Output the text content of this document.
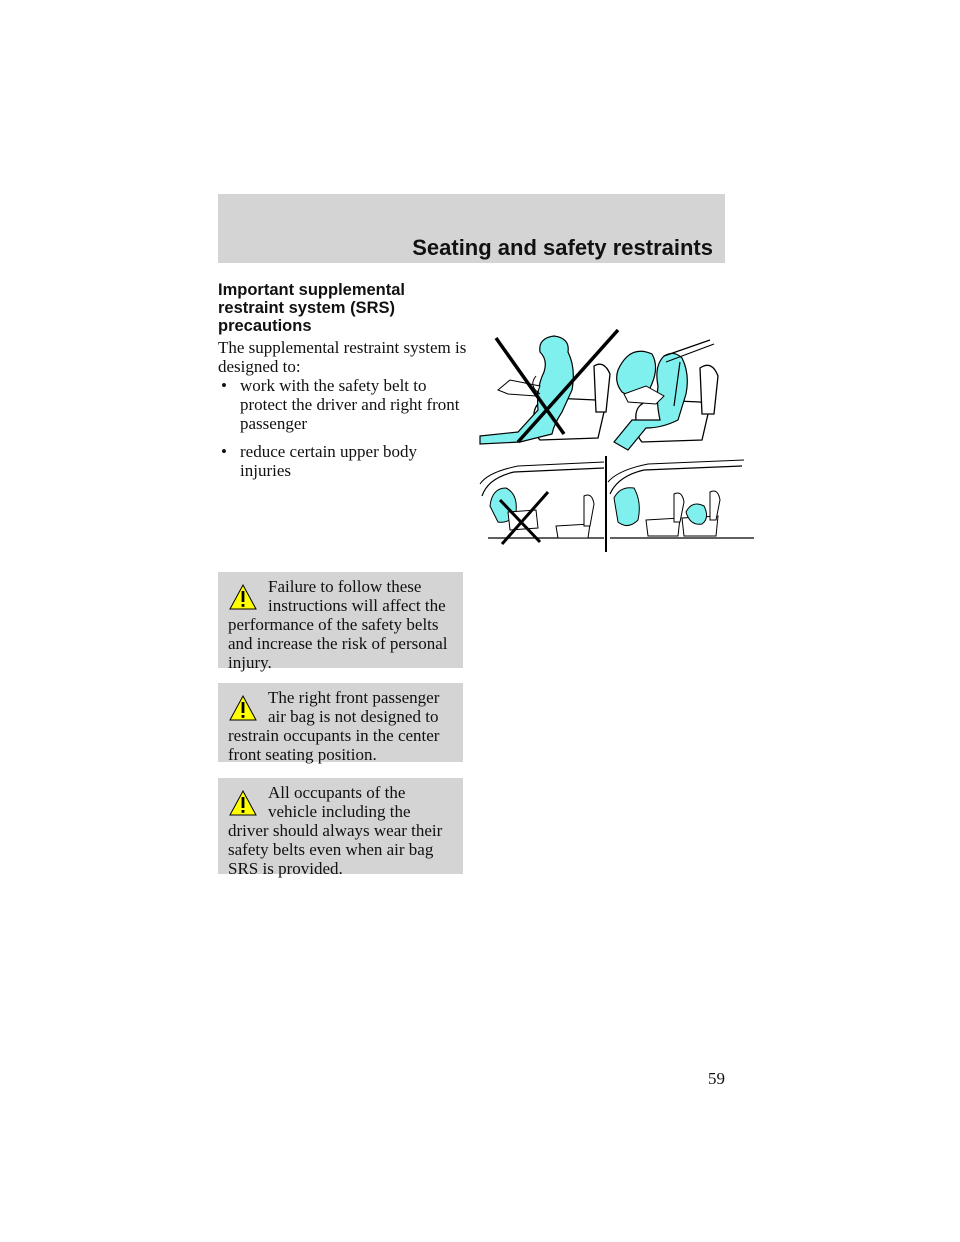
Seating and safety restraints
Important supplemental restraint system (SRS) precautions
The supplemental restraint system is designed to:
• work with the safety belt to protect the driver and right front passenger
• reduce certain upper body injuries

Failure to follow these instructions will affect the performance of the safety belts and increase the risk of personal injury.

The right front passenger air bag is not designed to restrain occupants in the center front seating position.

All occupants of the vehicle including the driver should always wear their safety belts even when air bag SRS is provided.

59
